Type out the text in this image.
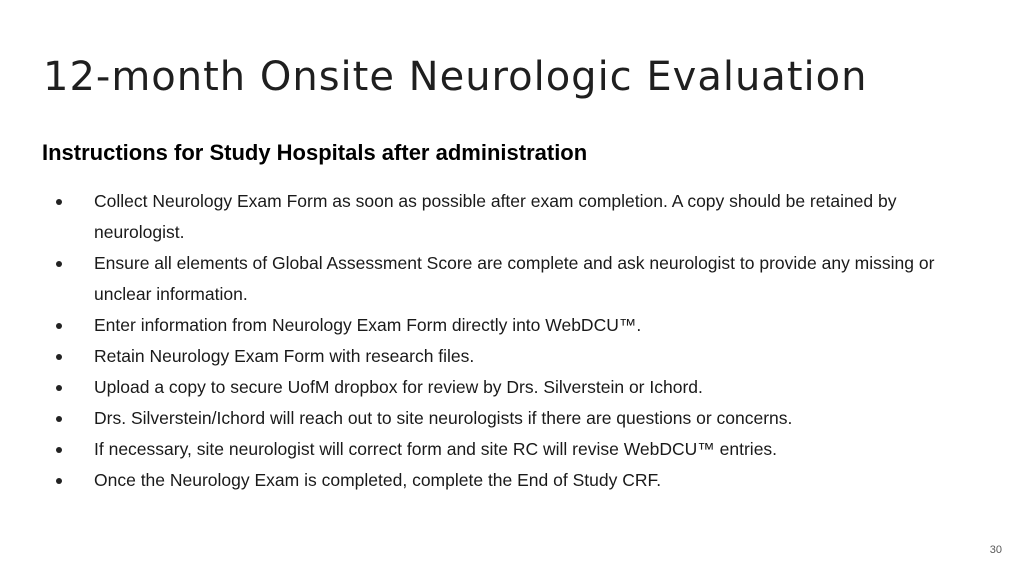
12-month Onsite Neurologic Evaluation
Instructions for Study Hospitals after administration
Collect Neurology Exam Form as soon as possible after exam completion. A copy should be retained by neurologist.
Ensure all elements of Global Assessment Score are complete and ask neurologist to provide any missing or unclear information.
Enter information from Neurology Exam Form directly into WebDCU™.
Retain Neurology Exam Form with research files.
Upload a copy to secure UofM dropbox for review by Drs. Silverstein or Ichord.
Drs. Silverstein/Ichord will reach out to site neurologists if there are questions or concerns.
If necessary, site neurologist will correct form and site RC will revise WebDCU™ entries.
Once the Neurology Exam is completed, complete the End of Study CRF.
30
